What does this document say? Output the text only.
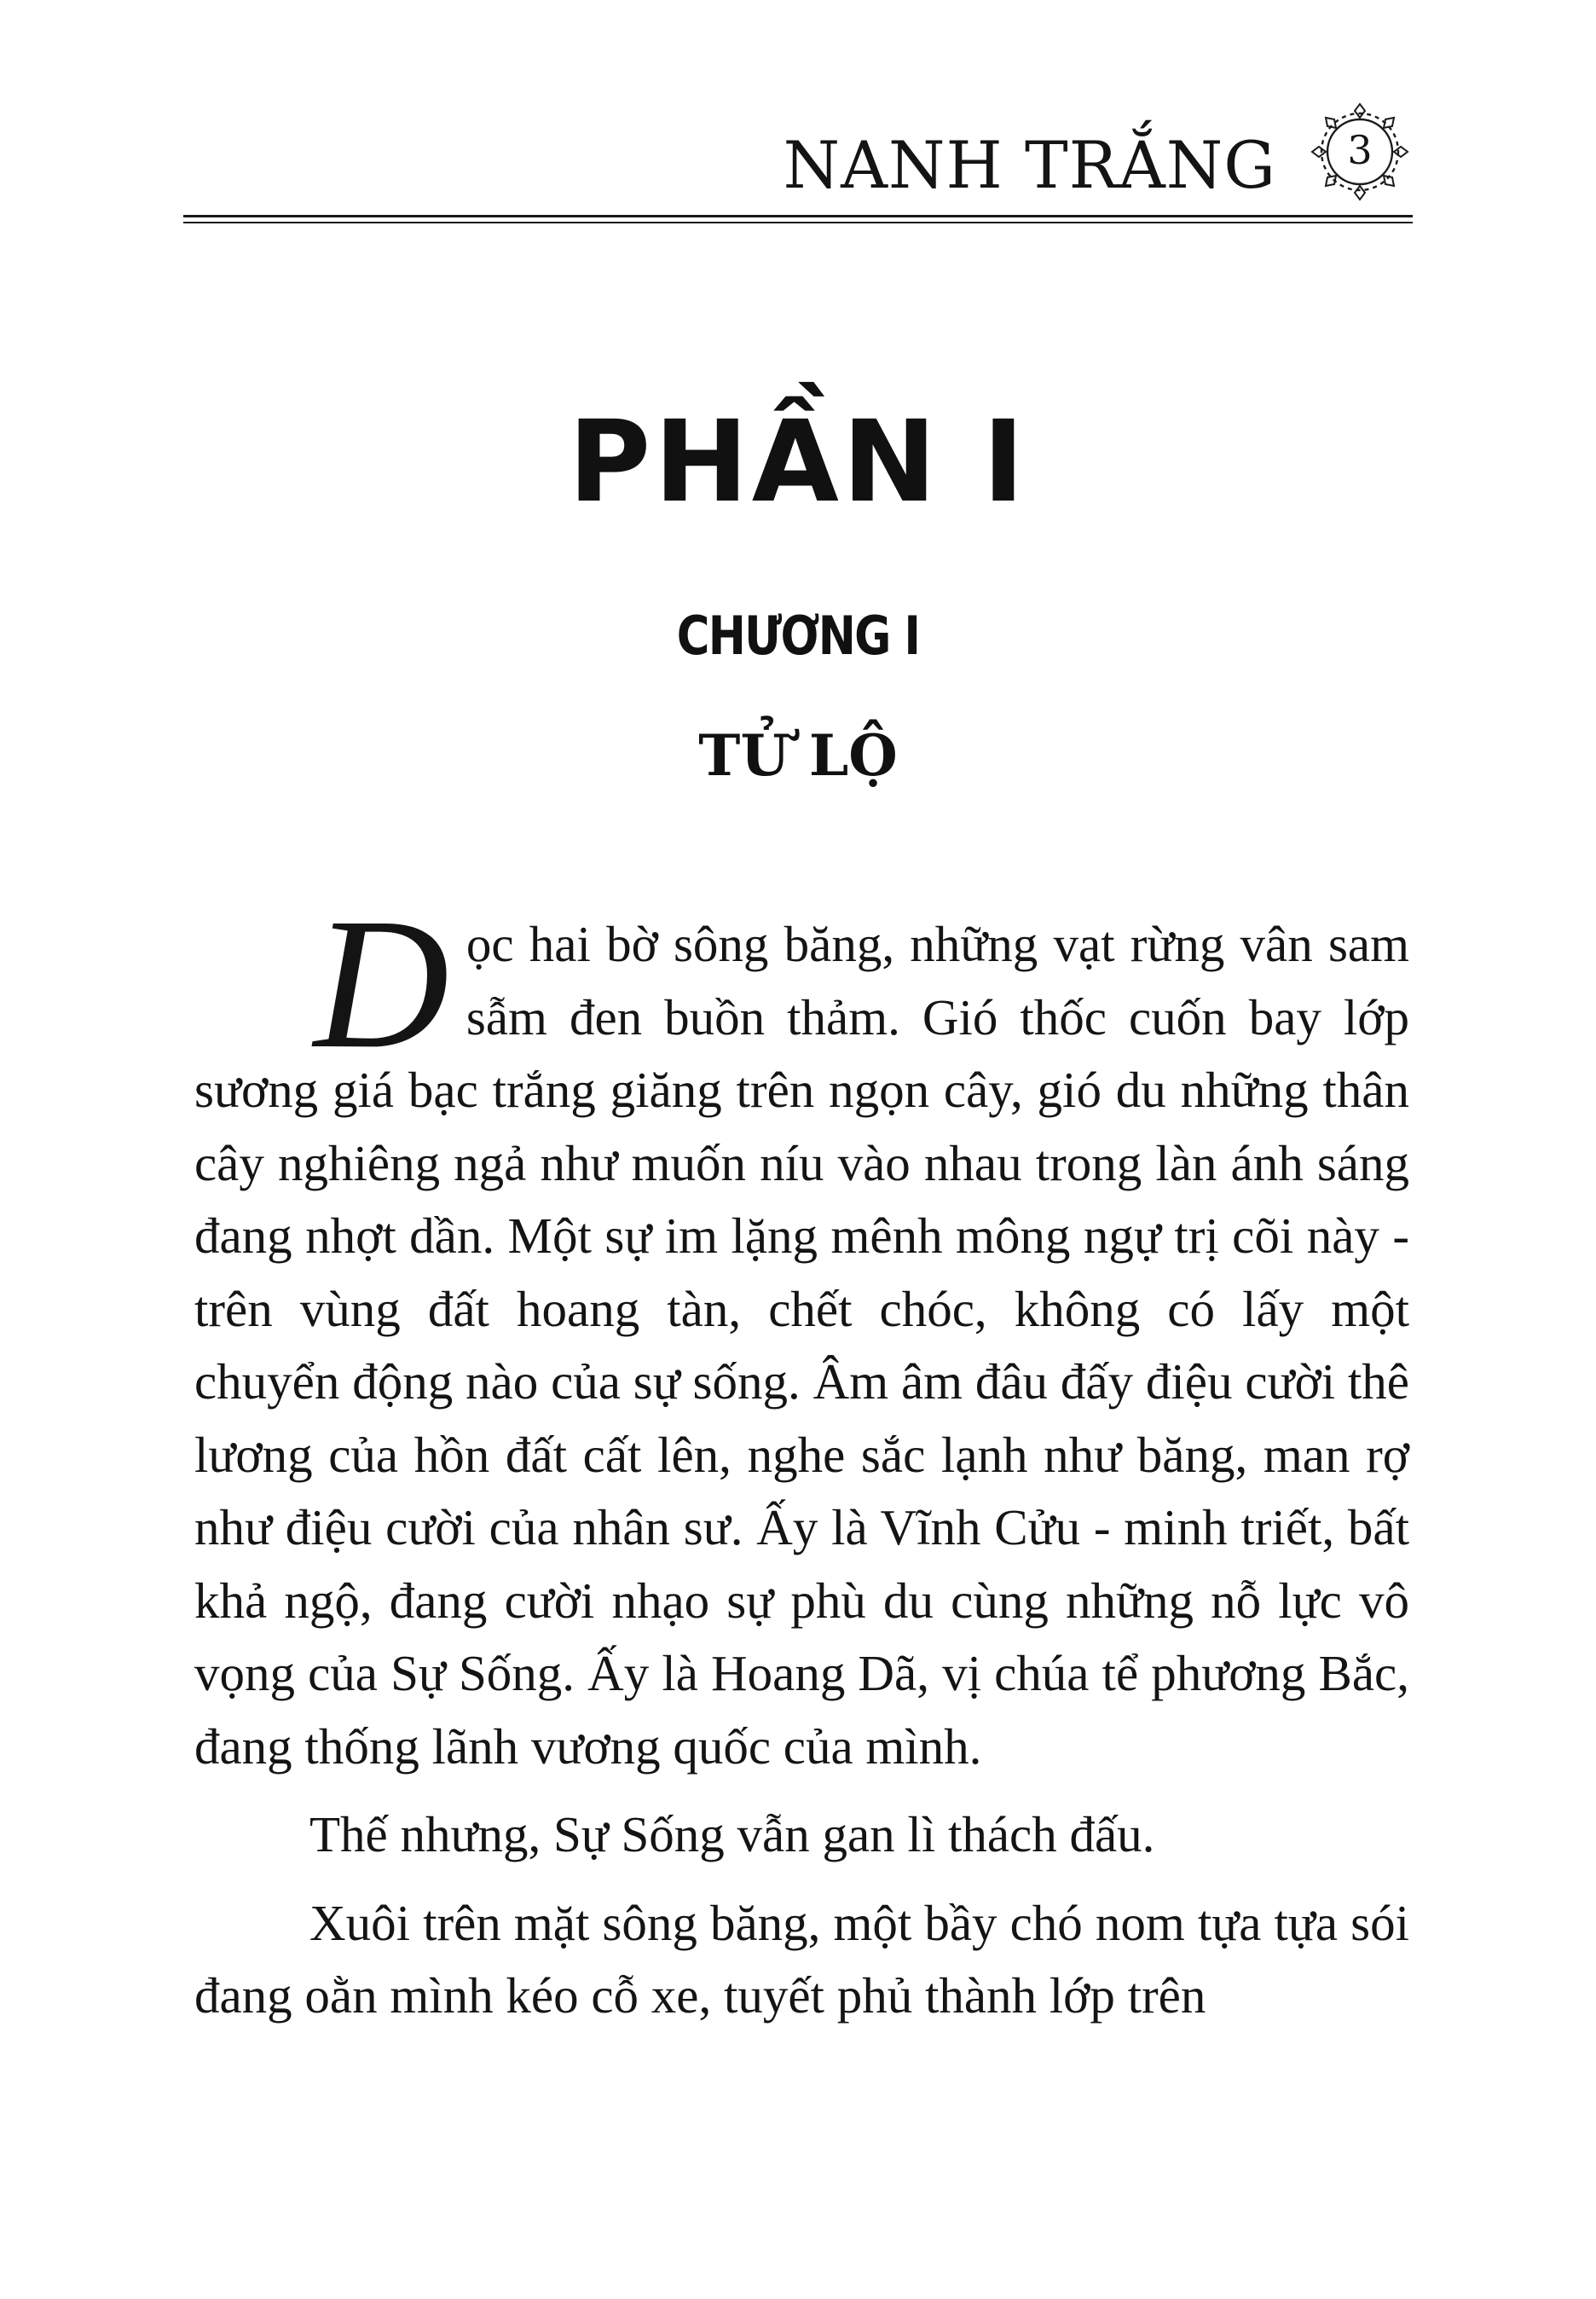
NANH TRẮNG	3
PHẦN I
CHƯƠNG I
TỬ LỘ

Dọc hai bờ sông băng, những vạt rừng vân sam sẫm đen buồn thảm. Gió thốc cuốn bay lớp sương giá bạc trắng giăng trên ngọn cây, gió du những thân cây nghiêng ngả như muốn níu vào nhau trong làn ánh sáng đang nhợt dần. Một sự im lặng mênh mông ngự trị cõi này - trên vùng đất hoang tàn, chết chóc, không có lấy một chuyển động nào của sự sống. Âm âm đâu đấy điệu cười thê lương của hồn đất cất lên, nghe sắc lạnh như băng, man rợ như điệu cười của nhân sư. Ấy là Vĩnh Cửu - minh triết, bất khả ngộ, đang cười nhạo sự phù du cùng những nỗ lực vô vọng của Sự Sống. Ấy là Hoang Dã, vị chúa tể phương Bắc, đang thống lãnh vương quốc của mình.

Thế nhưng, Sự Sống vẫn gan lì thách đấu.

Xuôi trên mặt sông băng, một bầy chó nom tựa tựa sói đang oằn mình kéo cỗ xe, tuyết phủ thành lớp trên
